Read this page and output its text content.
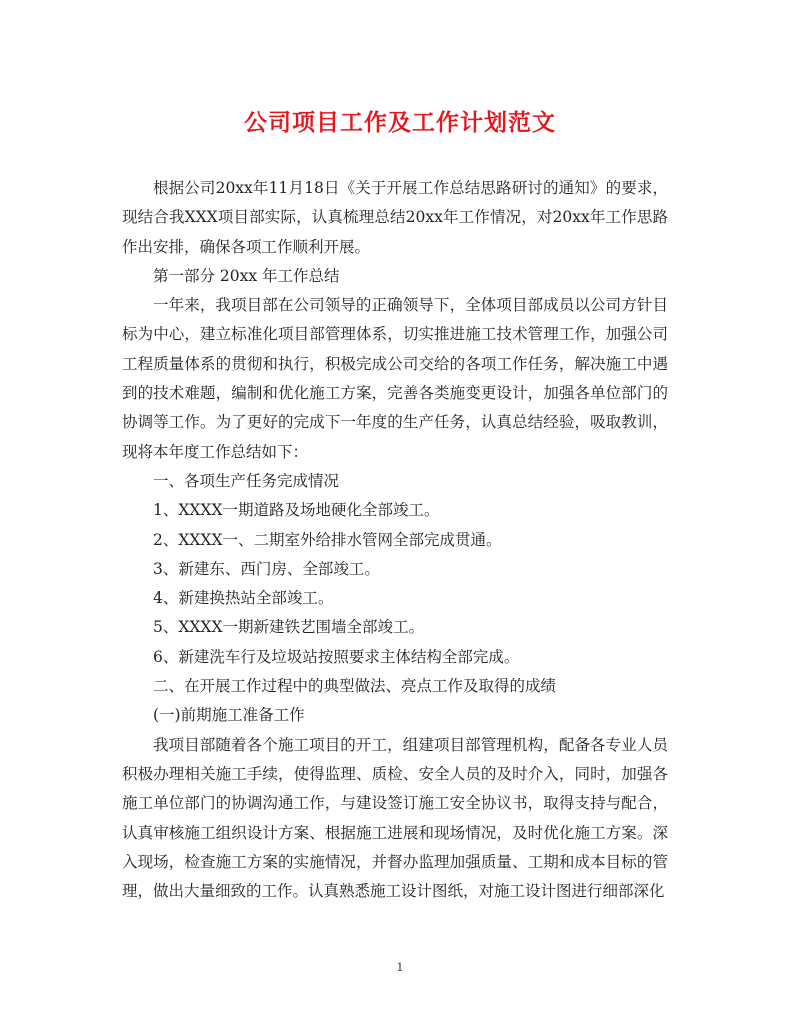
公司项目工作及工作计划范文

根据公司20xx年11月18日《关于开展工作总结思路研讨的通知》的要求，现结合我XXX项目部实际，认真梳理总结20xx年工作情况，对20xx年工作思路作出安排，确保各项工作顺利开展。

第一部分 20xx 年工作总结

一年来，我项目部在公司领导的正确领导下，全体项目部成员以公司方针目标为中心，建立标准化项目部管理体系，切实推进施工技术管理工作，加强公司工程质量体系的贯彻和执行，积极完成公司交给的各项工作任务，解决施工中遇到的技术难题，编制和优化施工方案，完善各类施变更设计，加强各单位部门的协调等工作。为了更好的完成下一年度的生产任务，认真总结经验，吸取教训，现将本年度工作总结如下：

一、各项生产任务完成情况

1、XXXX一期道路及场地硬化全部竣工。

2、XXXX一、二期室外给排水管网全部完成贯通。

3、新建东、西门房、全部竣工。

4、新建换热站全部竣工。

5、XXXX一期新建铁艺围墙全部竣工。

6、新建洗车行及垃圾站按照要求主体结构全部完成。

二、在开展工作过程中的典型做法、亮点工作及取得的成绩

(一)前期施工准备工作

我项目部随着各个施工项目的开工，组建项目部管理机构，配备各专业人员积极办理相关施工手续，使得监理、质检、安全人员的及时介入，同时，加强各施工单位部门的协调沟通工作，与建设签订施工安全协议书，取得支持与配合，认真审核施工组织设计方案、根据施工进展和现场情况，及时优化施工方案。深入现场，检查施工方案的实施情况，并督办监理加强质量、工期和成本目标的管理，做出大量细致的工作。认真熟悉施工设计图纸，对施工设计图进行细部深化

1
